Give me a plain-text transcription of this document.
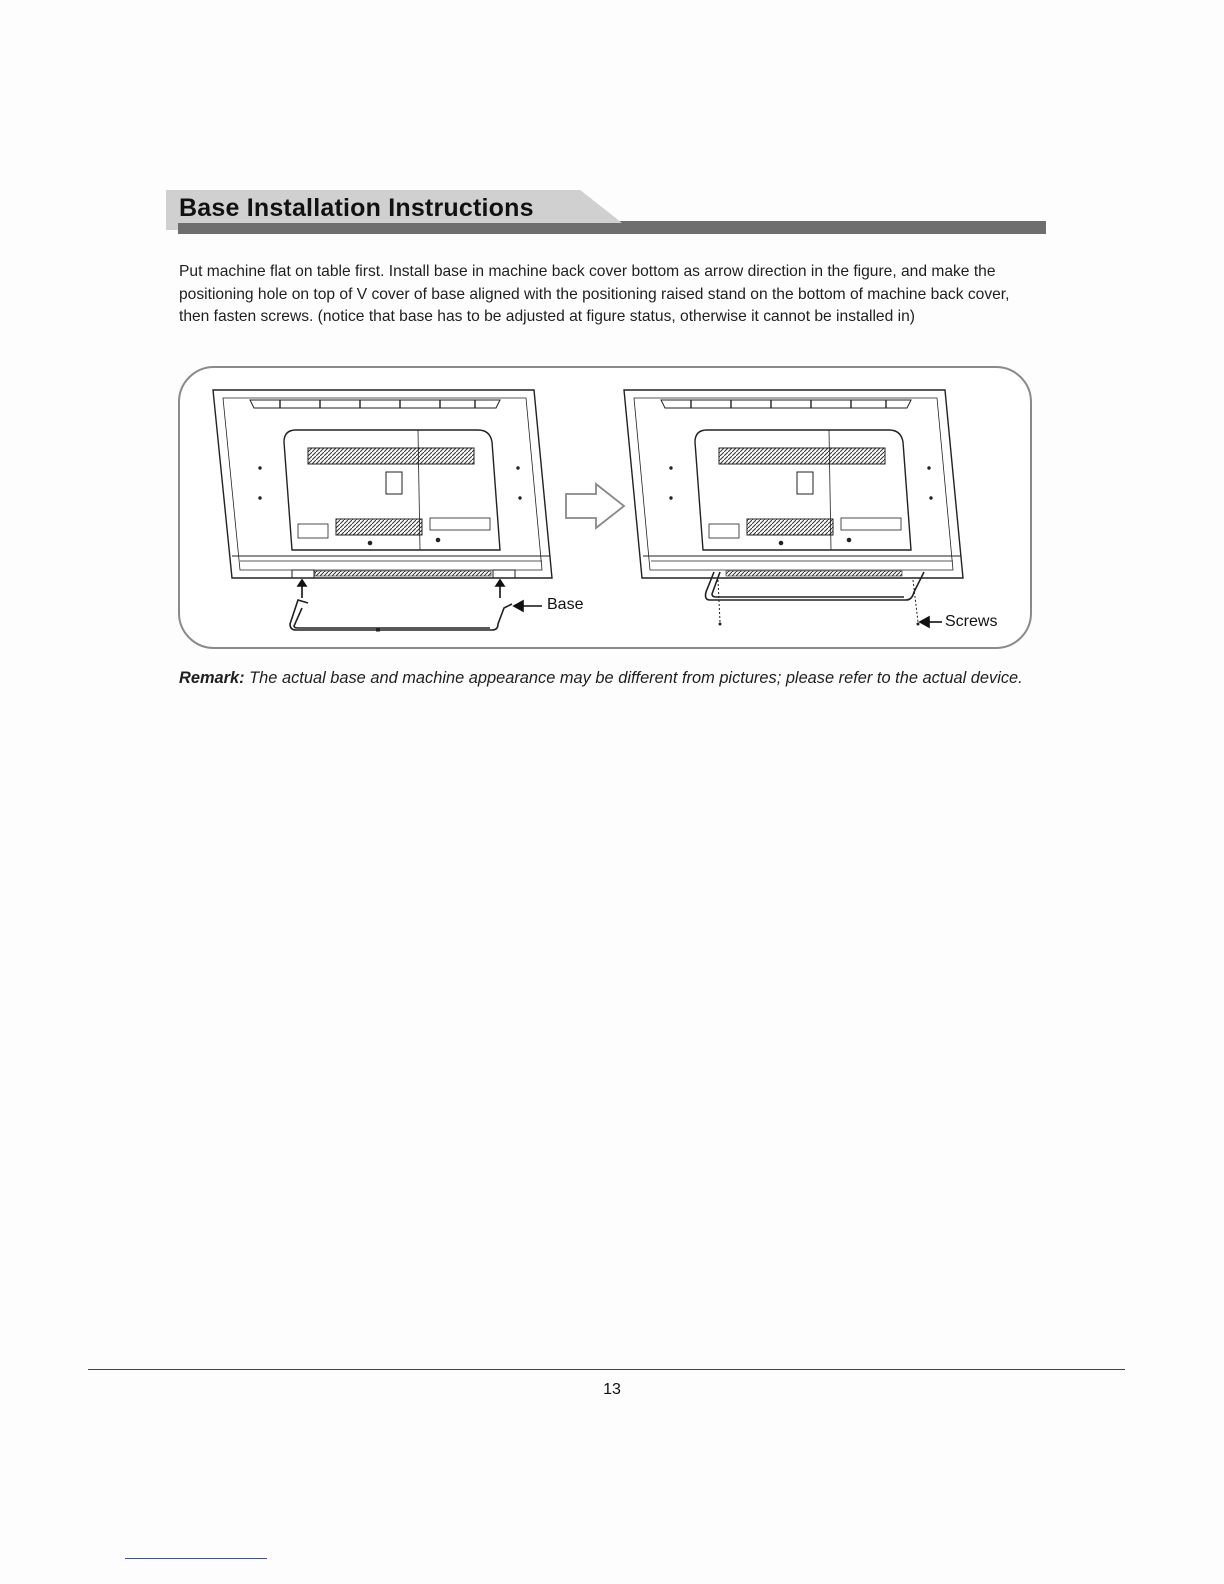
Base Installation Instructions

Put machine flat on table first. Install base in machine back cover bottom as arrow direction in the figure, and make the positioning hole on top of V cover of base aligned with the positioning raised stand on the bottom of machine back cover, then fasten screws. (notice that base has to be adjusted at figure status, otherwise it cannot be installed in)

Base
Screws

Remark: The actual base and machine appearance may be different from pictures; please refer to the actual device.

13
